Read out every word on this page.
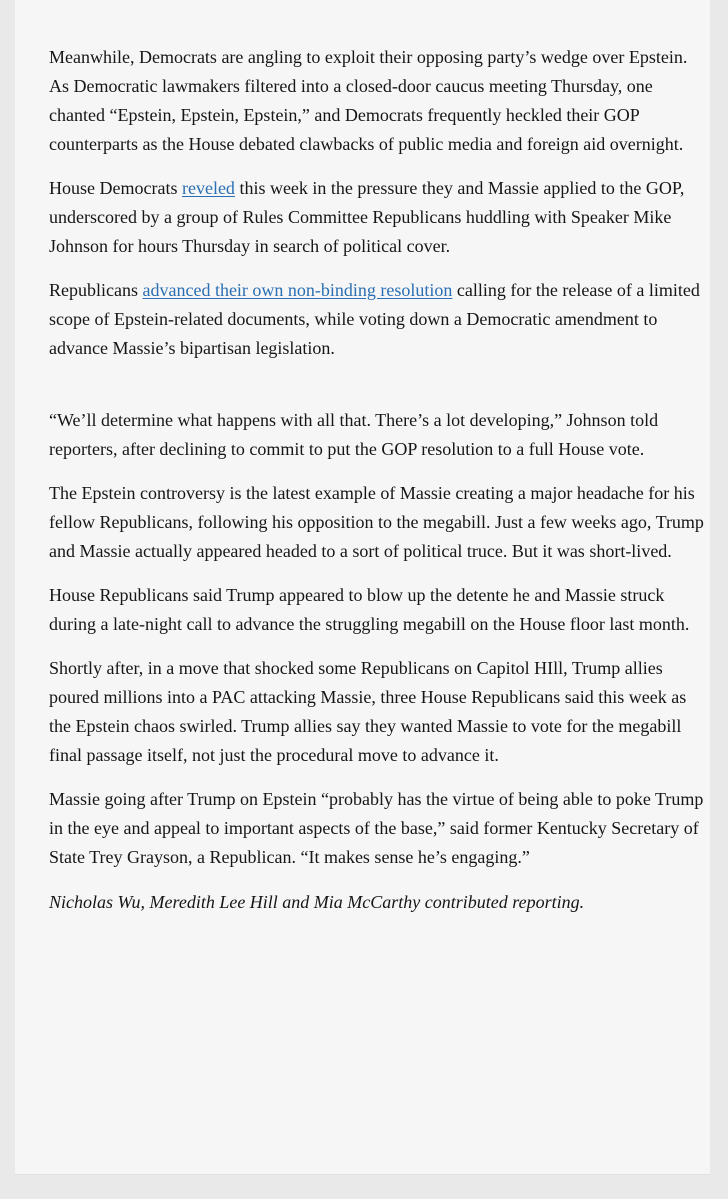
Meanwhile, Democrats are angling to exploit their opposing party’s wedge over Epstein. As Democratic lawmakers filtered into a closed-door caucus meeting Thursday, one chanted “Epstein, Epstein, Epstein,” and Democrats frequently heckled their GOP counterparts as the House debated clawbacks of public media and foreign aid overnight.

House Democrats reveled this week in the pressure they and Massie applied to the GOP, underscored by a group of Rules Committee Republicans huddling with Speaker Mike Johnson for hours Thursday in search of political cover.

Republicans advanced their own non-binding resolution calling for the release of a limited scope of Epstein-related documents, while voting down a Democratic amendment to advance Massie’s bipartisan legislation.

“We’ll determine what happens with all that. There’s a lot developing,” Johnson told reporters, after declining to commit to put the GOP resolution to a full House vote.

The Epstein controversy is the latest example of Massie creating a major headache for his fellow Republicans, following his opposition to the megabill. Just a few weeks ago, Trump and Massie actually appeared headed to a sort of political truce. But it was short-lived.

House Republicans said Trump appeared to blow up the detente he and Massie struck during a late-night call to advance the struggling megabill on the House floor last month.

Shortly after, in a move that shocked some Republicans on Capitol HIll, Trump allies poured millions into a PAC attacking Massie, three House Republicans said this week as the Epstein chaos swirled. Trump allies say they wanted Massie to vote for the megabill final passage itself, not just the procedural move to advance it.

Massie going after Trump on Epstein “probably has the virtue of being able to poke Trump in the eye and appeal to important aspects of the base,” said former Kentucky Secretary of State Trey Grayson, a Republican. “It makes sense he’s engaging.”

Nicholas Wu, Meredith Lee Hill and Mia McCarthy contributed reporting.
